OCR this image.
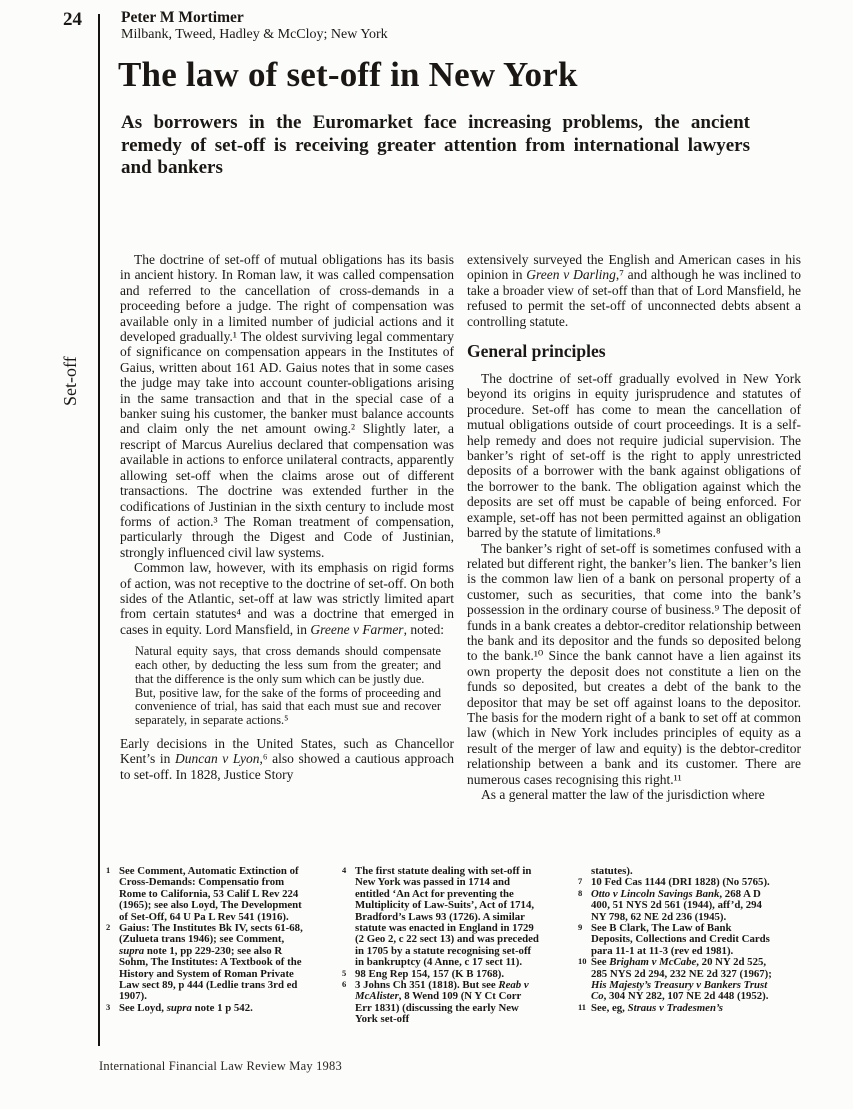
24	Peter M Mortimer
Milbank, Tweed, Hadley & McCloy; New York
The law of set-off in New York

As borrowers in the Euromarket face increasing problems, the ancient remedy of set-off is receiving greater attention from international lawyers and bankers

Set-off

The doctrine of set-off of mutual obligations has its basis in ancient history. In Roman law, it was called compensation and referred to the cancellation of cross-demands in a proceeding before a judge. The right of compensation was available only in a limited number of judicial actions and it developed gradually.¹ The oldest surviving legal commentary of significance on compensation appears in the Institutes of Gaius, written about 161 AD. Gaius notes that in some cases the judge may take into account counter-obligations arising in the same transaction and that in the special case of a banker suing his customer, the banker must balance accounts and claim only the net amount owing.² Slightly later, a rescript of Marcus Aurelius declared that compensation was available in actions to enforce unilateral contracts, apparently allowing set-off when the claims arose out of different transactions. The doctrine was extended further in the codifications of Justinian in the sixth century to include most forms of action.³ The Roman treatment of compensation, particularly through the Digest and Code of Justinian, strongly influenced civil law systems.

Common law, however, with its emphasis on rigid forms of action, was not receptive to the doctrine of set-off. On both sides of the Atlantic, set-off at law was strictly limited apart from certain statutes⁴ and was a doctrine that emerged in cases in equity. Lord Mansfield, in Greene v Farmer, noted:

Natural equity says, that cross demands should compensate each other, by deducting the less sum from the greater; and that the difference is the only sum which can be justly due.

But, positive law, for the sake of the forms of proceeding and convenience of trial, has said that each must sue and recover separately, in separate actions.⁵

Early decisions in the United States, such as Chancellor Kent’s in Duncan v Lyon,⁶ also showed a cautious approach to set-off. In 1828, Justice Story

extensively surveyed the English and American cases in his opinion in Green v Darling,⁷ and although he was inclined to take a broader view of set-off than that of Lord Mansfield, he refused to permit the set-off of unconnected debts absent a controlling statute.

General principles

The doctrine of set-off gradually evolved in New York beyond its origins in equity jurisprudence and statutes of procedure. Set-off has come to mean the cancellation of mutual obligations outside of court proceedings. It is a self-help remedy and does not require judicial supervision. The banker’s right of set-off is the right to apply unrestricted deposits of a borrower with the bank against obligations of the borrower to the bank. The obligation against which the deposits are set off must be capable of being enforced. For example, set-off has not been permitted against an obligation barred by the statute of limitations.⁸

The banker’s right of set-off is sometimes confused with a related but different right, the banker’s lien. The banker’s lien is the common law lien of a bank on personal property of a customer, such as securities, that come into the bank’s possession in the ordinary course of business.⁹ The deposit of funds in a bank creates a debtor-creditor relationship between the bank and its depositor and the funds so deposited belong to the bank.¹⁰ Since the bank cannot have a lien against its own property the deposit does not constitute a lien on the funds so deposited, but creates a debt of the bank to the depositor that may be set off against loans to the depositor. The basis for the modern right of a bank to set off at common law (which in New York includes principles of equity as a result of the merger of law and equity) is the debtor-creditor relationship between a bank and its customer. There are numerous cases recognising this right.¹¹

As a general matter the law of the jurisdiction where

1 See Comment, Automatic Extinction of Cross-Demands: Compensatio from Rome to California, 53 Calif L Rev 224 (1965); see also Loyd, The Development of Set-Off, 64 U Pa L Rev 541 (1916).
2 Gaius: The Institutes Bk IV, sects 61-68, (Zulueta trans 1946); see Comment, supra note 1, pp 229-230; see also R Sohm, The Institutes: A Textbook of the History and System of Roman Private Law sect 89, p 444 (Ledlie trans 3rd ed 1907).
3 See Loyd, supra note 1 p 542.
4 The first statute dealing with set-off in New York was passed in 1714 and entitled ‘An Act for preventing the Multiplicity of Law-Suits’, Act of 1714, Bradford’s Laws 93 (1726). A similar statute was enacted in England in 1729 (2 Geo 2, c 22 sect 13) and was preceded in 1705 by a statute recognising set-off in bankruptcy (4 Anne, c 17 sect 11).
5 98 Eng Rep 154, 157 (K B 1768).
6 3 Johns Ch 351 (1818). But see Reab v McAlister, 8 Wend 109 (N Y Ct Corr Err 1831) (discussing the early New York set-off
statutes).
7 10 Fed Cas 1144 (DRI 1828) (No 5765).
8 Otto v Lincoln Savings Bank, 268 A D 400, 51 NYS 2d 561 (1944), aff’d, 294 NY 798, 62 NE 2d 236 (1945).
9 See B Clark, The Law of Bank Deposits, Collections and Credit Cards para 11-1 at 11-3 (rev ed 1981).
10 See Brigham v McCabe, 20 NY 2d 525, 285 NYS 2d 294, 232 NE 2d 327 (1967); His Majesty’s Treasury v Bankers Trust Co, 304 NY 282, 107 NE 2d 448 (1952).
11 See, eg, Straus v Tradesmen’s
International Financial Law Review May 1983
